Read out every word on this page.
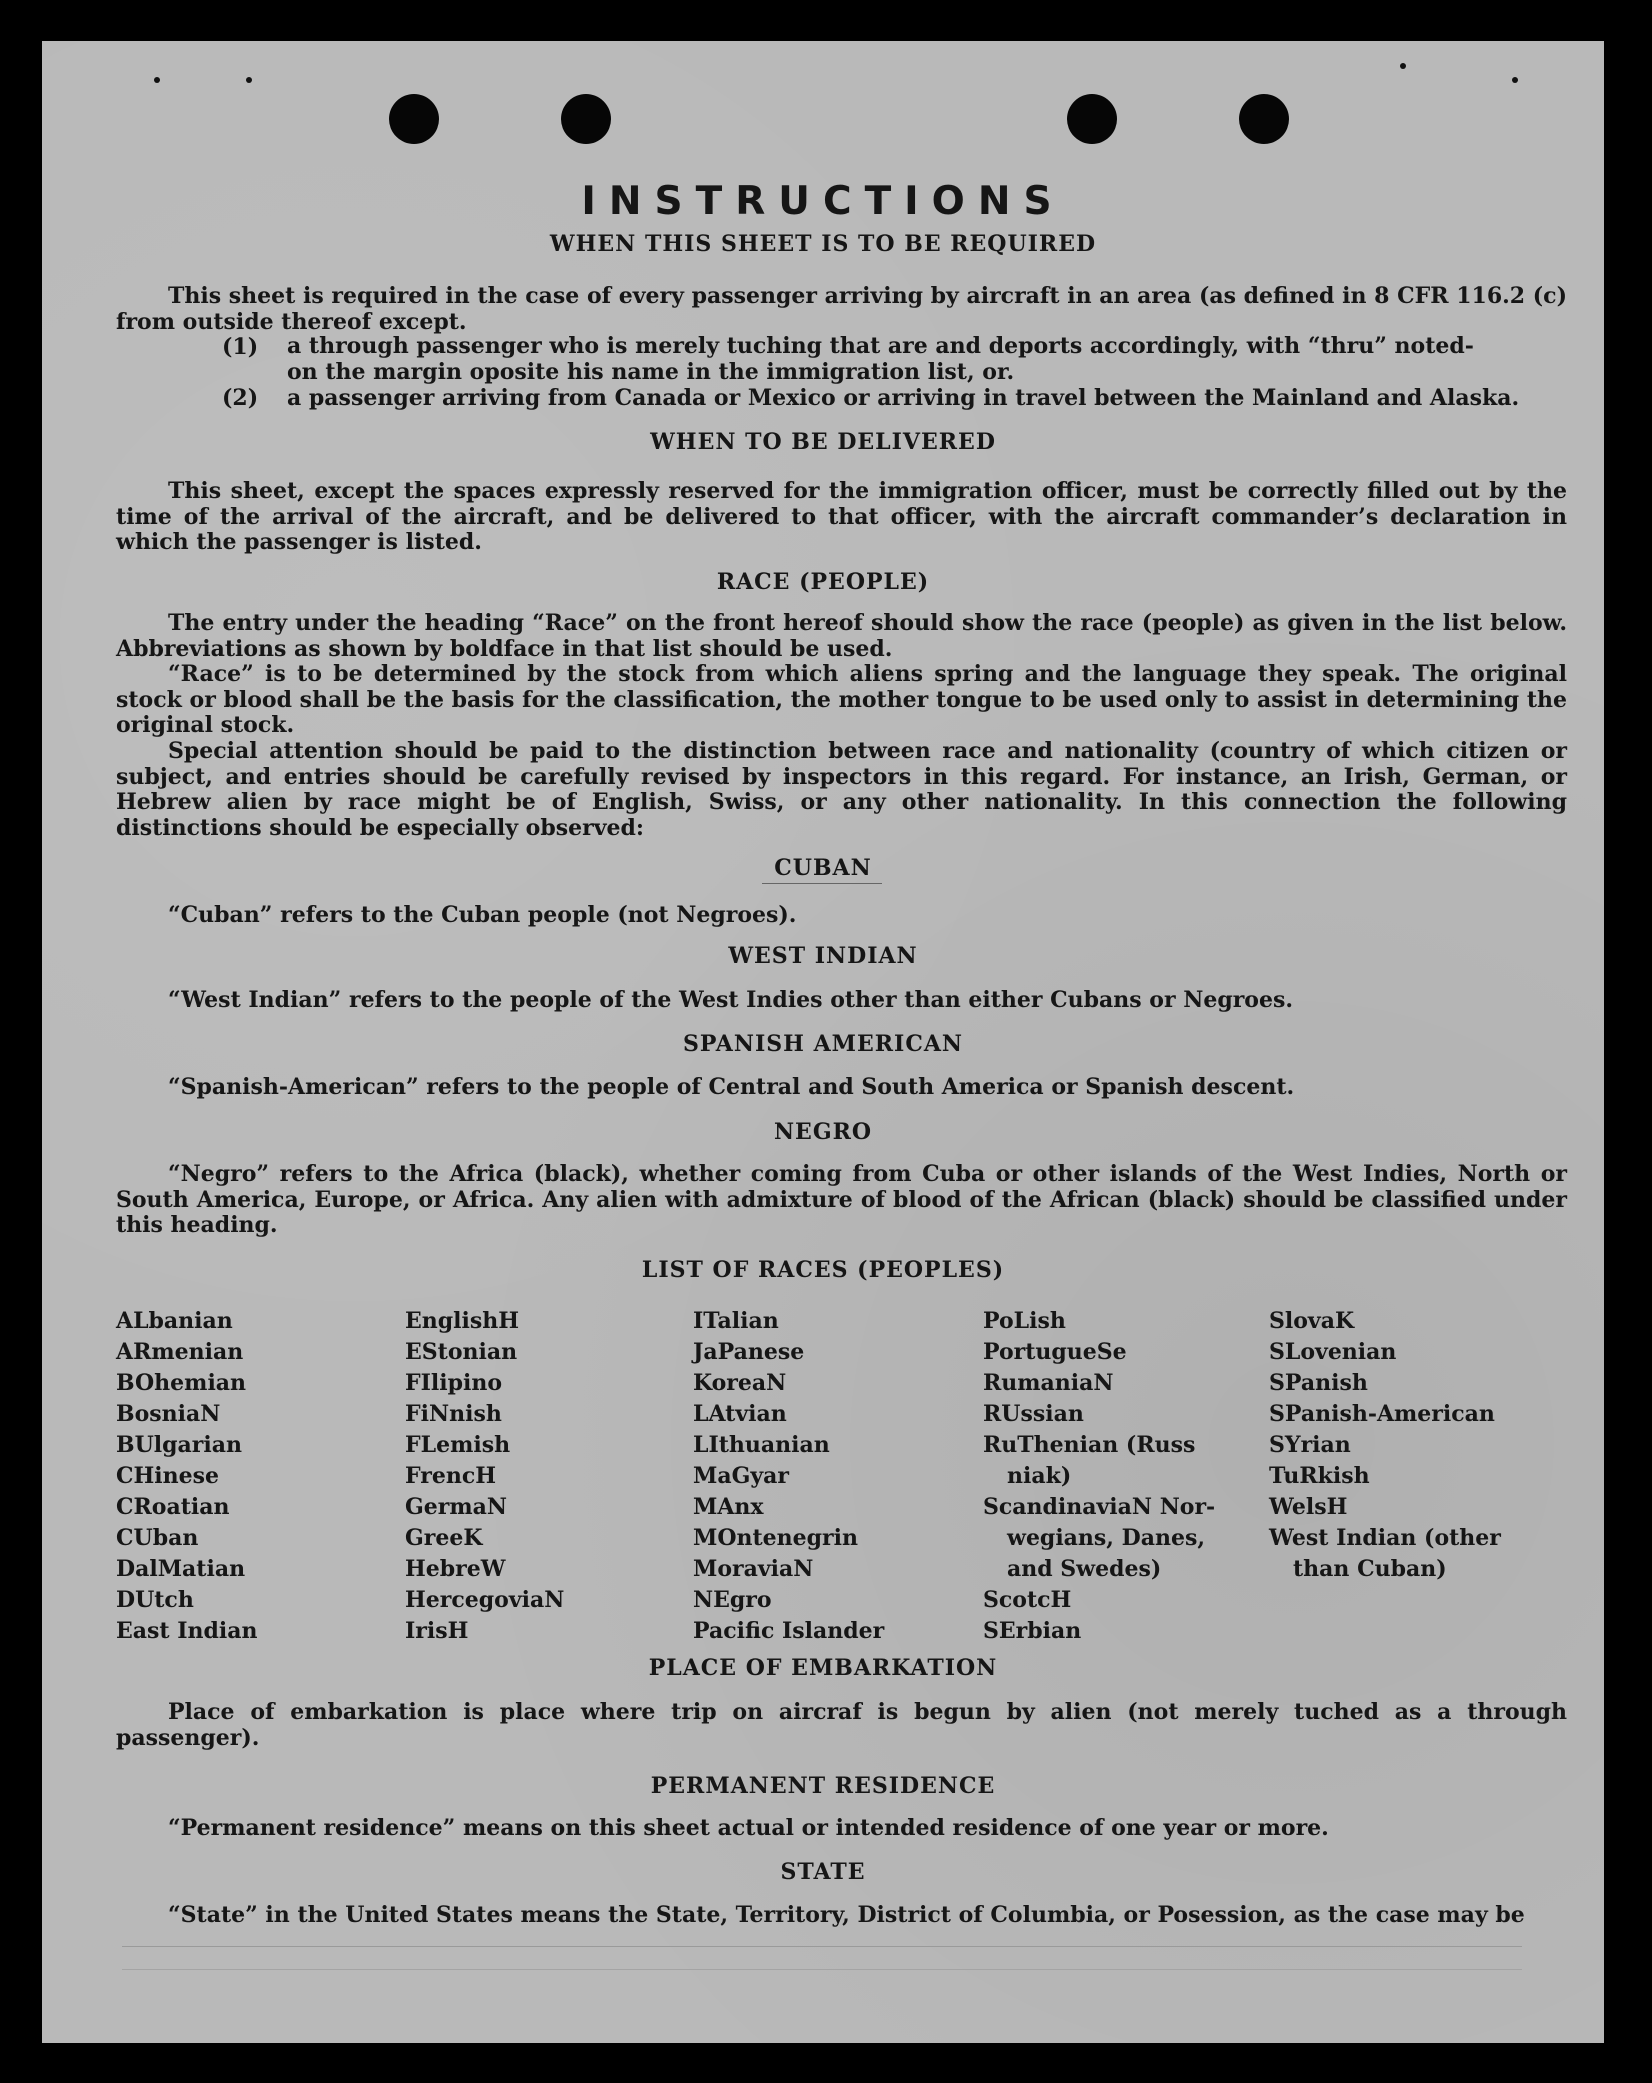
INSTRUCTIONS
WHEN THIS SHEET IS TO BE REQUIRED
This sheet is required in the case of every passenger arriving by aircraft in an area (as defined in 8 CFR 116.2 (c) from outside thereof except.
(1) a through passenger who is merely tuching that are and deports accordingly, with “thru” noted-
on the margin oposite his name in the immigration list, or.
(2) a passenger arriving from Canada or Mexico or arriving in travel between the Mainland and Alaska.
WHEN TO BE DELIVERED
This sheet, except the spaces expressly reserved for the immigration officer, must be correctly filled out by the time of the arrival of the aircraft, and be delivered to that officer, with the aircraft commander’s declaration in which the passenger is listed.
RACE (PEOPLE)
The entry under the heading “Race” on the front hereof should show the race (people) as given in the list below. Abbreviations as shown by boldface in that list should be used.
“Race” is to be determined by the stock from which aliens spring and the language they speak. The original stock or blood shall be the basis for the classification, the mother tongue to be used only to assist in determining the original stock.
Special attention should be paid to the distinction between race and nationality (country of which citizen or subject, and entries should be carefully revised by inspectors in this regard. For instance, an Irish, German, or Hebrew alien by race might be of English, Swiss, or any other nationality. In this connection the following distinctions should be especially observed:
CUBAN
“Cuban” refers to the Cuban people (not Negroes).
WEST INDIAN
“West Indian” refers to the people of the West Indies other than either Cubans or Negroes.
SPANISH AMERICAN
“Spanish-American” refers to the people of Central and South America or Spanish descent.
NEGRO
“Negro” refers to the Africa (black), whether coming from Cuba or other islands of the West Indies, North or South America, Europe, or Africa. Any alien with admixture of blood of the African (black) should be classified under this heading.
LIST OF RACES (PEOPLES)
ALbanian
ARmenian
BOhemian
BosniaN
BUlgarian
CHinese
CRoatian
CUban
DalMatian
DUtch
East Indian
EnglishH
EStonian
FIlipino
FiNnish
FLemish
FrencH
GermaN
GreeK
HebreW
HercegoviaN
IrisH
ITalian
JaPanese
KoreaN
LAtvian
LIthuanian
MaGyar
MAnx
MOntenegrin
MoraviaN
NEgro
Pacific Islander
PoLish
PortugueSe
RumaniaN
RUssian
RuThenian (Russ
niak)
ScandinaviaN Nor-
wegians, Danes,
and Swedes)
ScotcH
SErbian
SlovaK
SLovenian
SPanish
SPanish-American
SYrian
TuRkish
WelsH
West Indian (other
than Cuban)
PLACE OF EMBARKATION
Place of embarkation is place where trip on aircraf is begun by alien (not merely tuched as a through passenger).
PERMANENT RESIDENCE
“Permanent residence” means on this sheet actual or intended residence of one year or more.
STATE
“State” in the United States means the State, Territory, District of Columbia, or Posession, as the case may be
